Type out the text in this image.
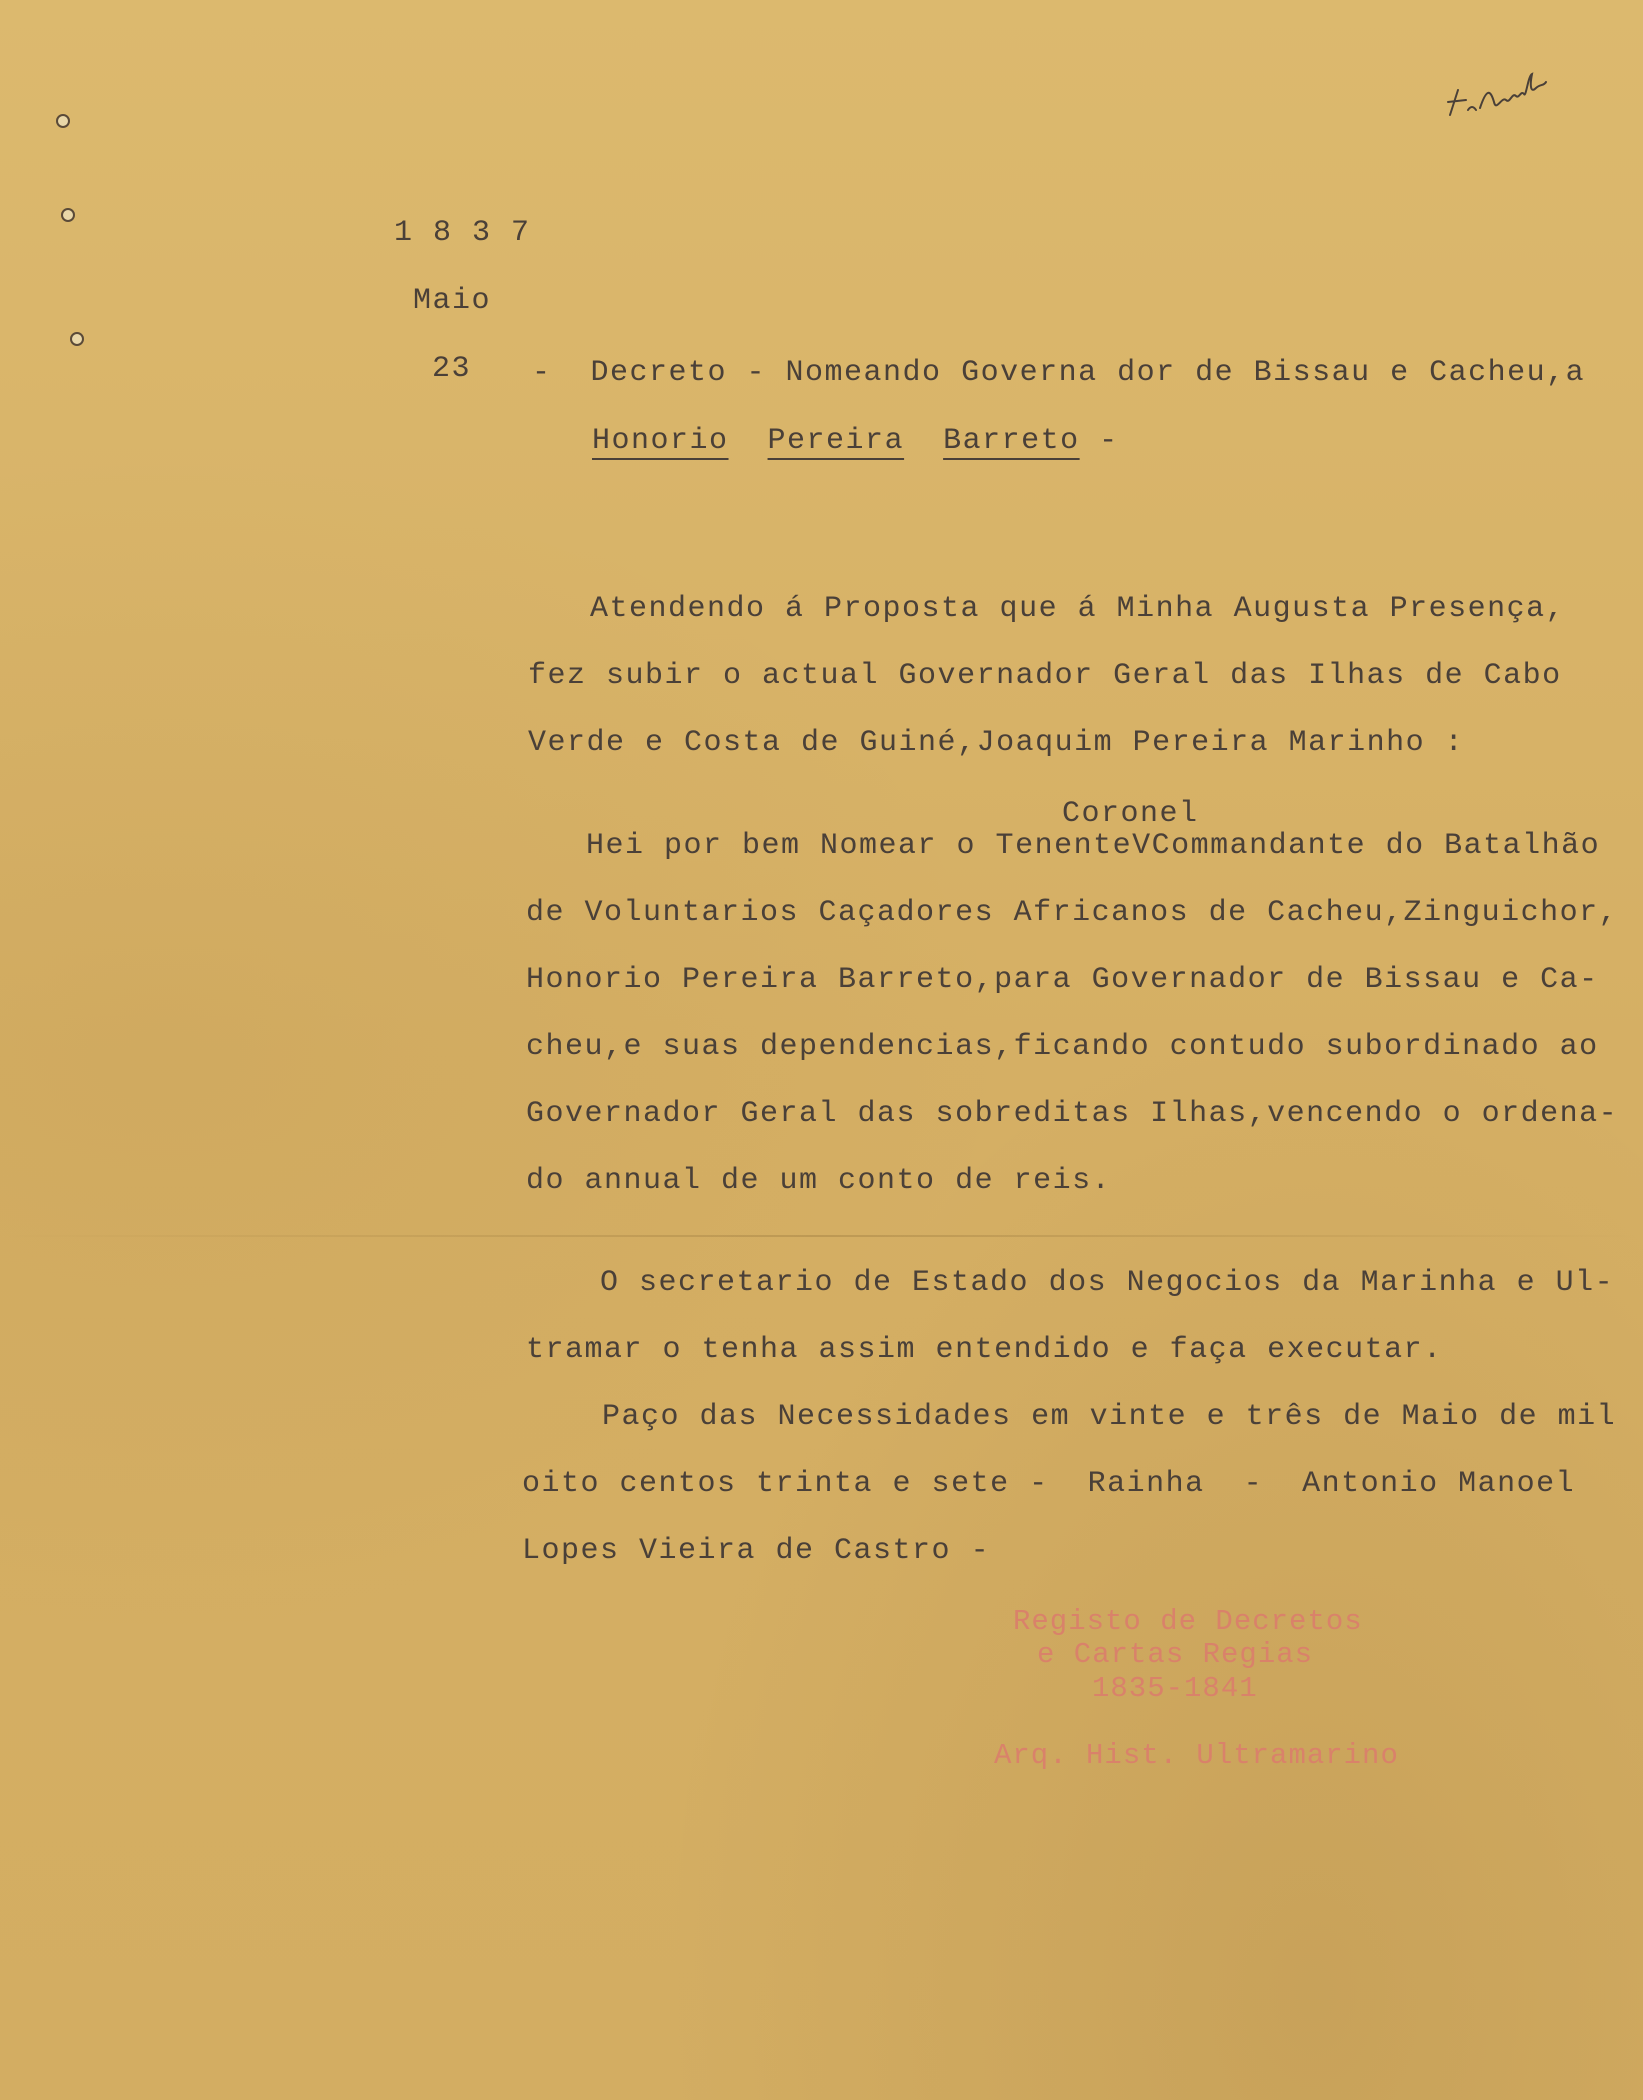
1 8 3 7
Maio
23 -  Decreto - Nomeando Governa dor de Bissau e Cacheu,a
Honorio Pereira Barreto -
Atendendo á Proposta que á Minha Augusta Presença,
fez subir o actual Governador Geral das Ilhas de Cabo
Verde e Costa de Guiné,Joaquim Pereira Marinho :
Coronel
Hei por bem Nomear o TenenteVCommandante do Batalhão
de Voluntarios Caçadores Africanos de Cacheu,Zinguichor,
Honorio Pereira Barreto,para Governador de Bissau e Ca-
cheu,e suas dependencias,ficando contudo subordinado ao
Governador Geral das sobreditas Ilhas,vencendo o ordena-
do annual de um conto de reis.
O secretario de Estado dos Negocios da Marinha e Ul-
tramar o tenha assim entendido e faça executar.
Paço das Necessidades em vinte e três de Maio de mil
oito centos trinta e sete -  Rainha  -  Antonio Manoel
Lopes Vieira de Castro -
Registo de Decretos
e Cartas Regias
1835-1841
Arq. Hist. Ultramarino
